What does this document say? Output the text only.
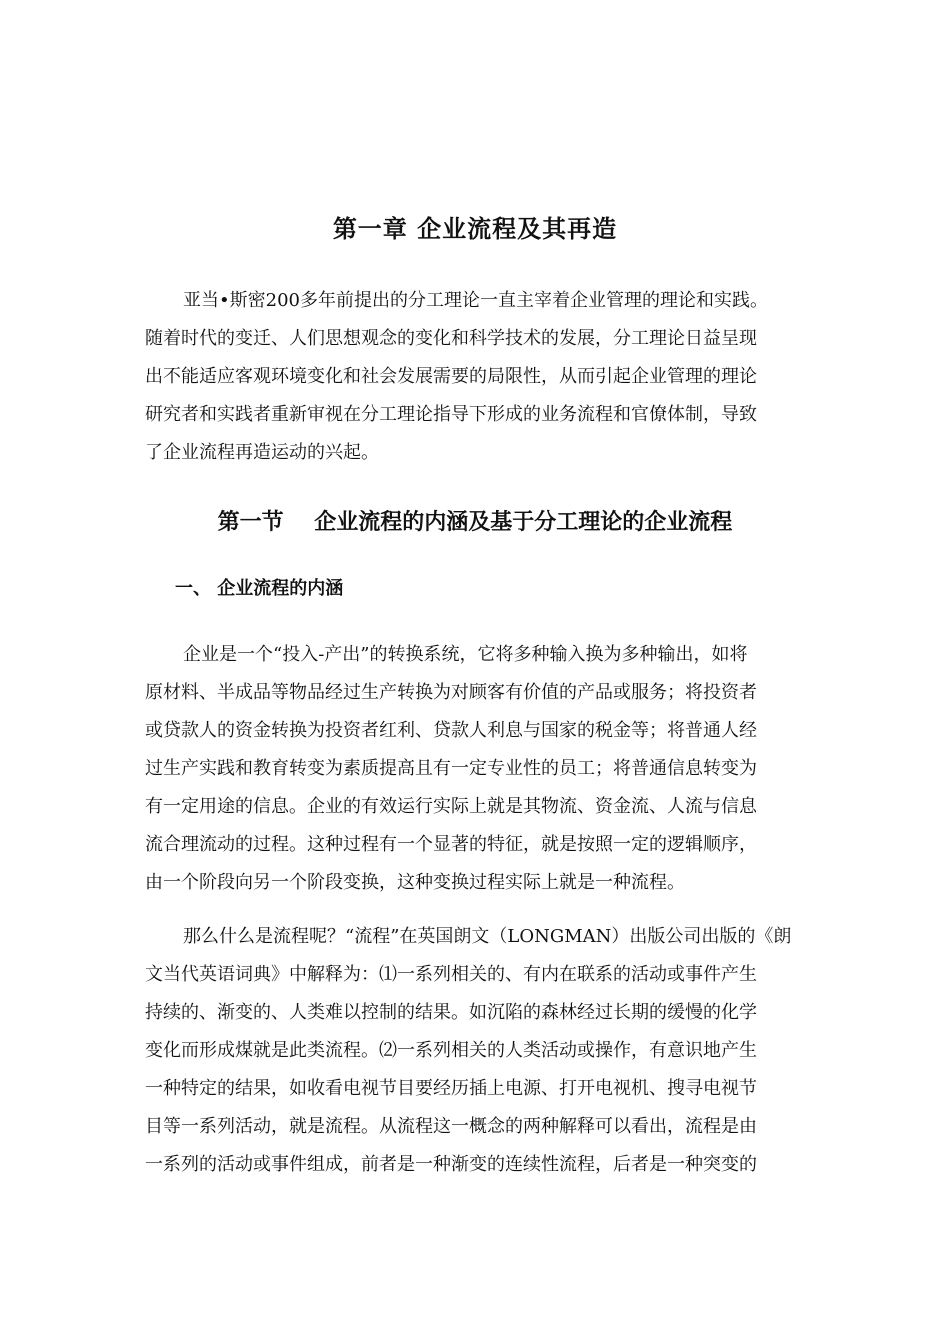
第一章 企业流程及其再造
亚当•斯密200多年前提出的分工理论一直主宰着企业管理的理论和实践。
随着时代的变迁、人们思想观念的变化和科学技术的发展，分工理论日益呈现
出不能适应客观环境变化和社会发展需要的局限性，从而引起企业管理的理论
研究者和实践者重新审视在分工理论指导下形成的业务流程和官僚体制，导致
了企业流程再造运动的兴起。
第一节    企业流程的内涵及基于分工理论的企业流程
一、 企业流程的内涵
企业是一个“投入-产出”的转换系统，它将多种输入换为多种输出，如将
原材料、半成品等物品经过生产转换为对顾客有价值的产品或服务；将投资者
或贷款人的资金转换为投资者红利、贷款人利息与国家的税金等；将普通人经
过生产实践和教育转变为素质提高且有一定专业性的员工；将普通信息转变为
有一定用途的信息。企业的有效运行实际上就是其物流、资金流、人流与信息
流合理流动的过程。这种过程有一个显著的特征，就是按照一定的逻辑顺序，
由一个阶段向另一个阶段变换，这种变换过程实际上就是一种流程。
那么什么是流程呢？“流程”在英国朗文（LONGMAN）出版公司出版的《朗
文当代英语词典》中解释为：⑴一系列相关的、有内在联系的活动或事件产生
持续的、渐变的、人类难以控制的结果。如沉陷的森林经过长期的缓慢的化学
变化而形成煤就是此类流程。⑵一系列相关的人类活动或操作，有意识地产生
一种特定的结果，如收看电视节目要经历插上电源、打开电视机、搜寻电视节
目等一系列活动，就是流程。从流程这一概念的两种解释可以看出，流程是由
一系列的活动或事件组成，前者是一种渐变的连续性流程，后者是一种突变的
